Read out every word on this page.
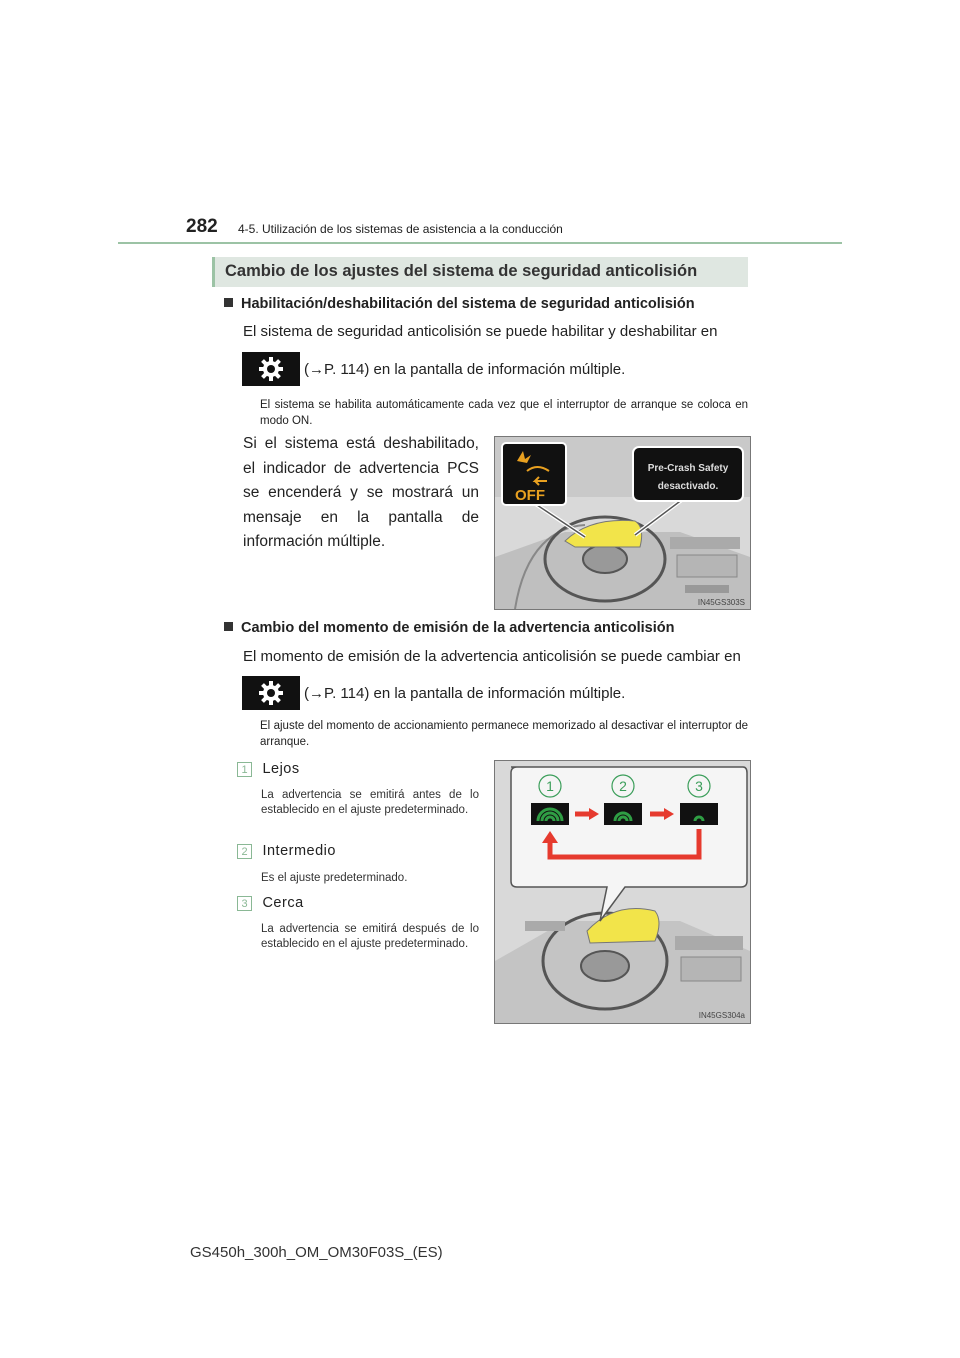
282 4-5. Utilización de los sistemas de asistencia a la conducción
Cambio de los ajustes del sistema de seguridad anticolisión
Habilitación/deshabilitación del sistema de seguridad anticolisión
El sistema de seguridad anticolisión se puede habilitar y deshabilitar en
(→P. 114) en la pantalla de información múltiple.
El sistema se habilita automáticamente cada vez que el interruptor de arranque se coloca en modo ON.
Si el sistema está deshabilitado, el indicador de advertencia PCS se encenderá y se mostrará un mensaje en la pantalla de información múltiple.
OFF
Pre-Crash Safety
desactivado.
IN45GS303S
Cambio del momento de emisión de la advertencia anticolisión
El momento de emisión de la advertencia anticolisión se puede cambiar en
(→P. 114) en la pantalla de información múltiple.
El ajuste del momento de accionamiento permanece memorizado al desactivar el interruptor de arranque.
1 Lejos
La advertencia se emitirá antes de lo establecido en el ajuste predeterminado.
2 Intermedio
Es el ajuste predeterminado.
3 Cerca
La advertencia se emitirá después de lo establecido en el ajuste predeterminado.
1	2	3
IN45GS304a
GS450h_300h_OM_OM30F03S_(ES)
